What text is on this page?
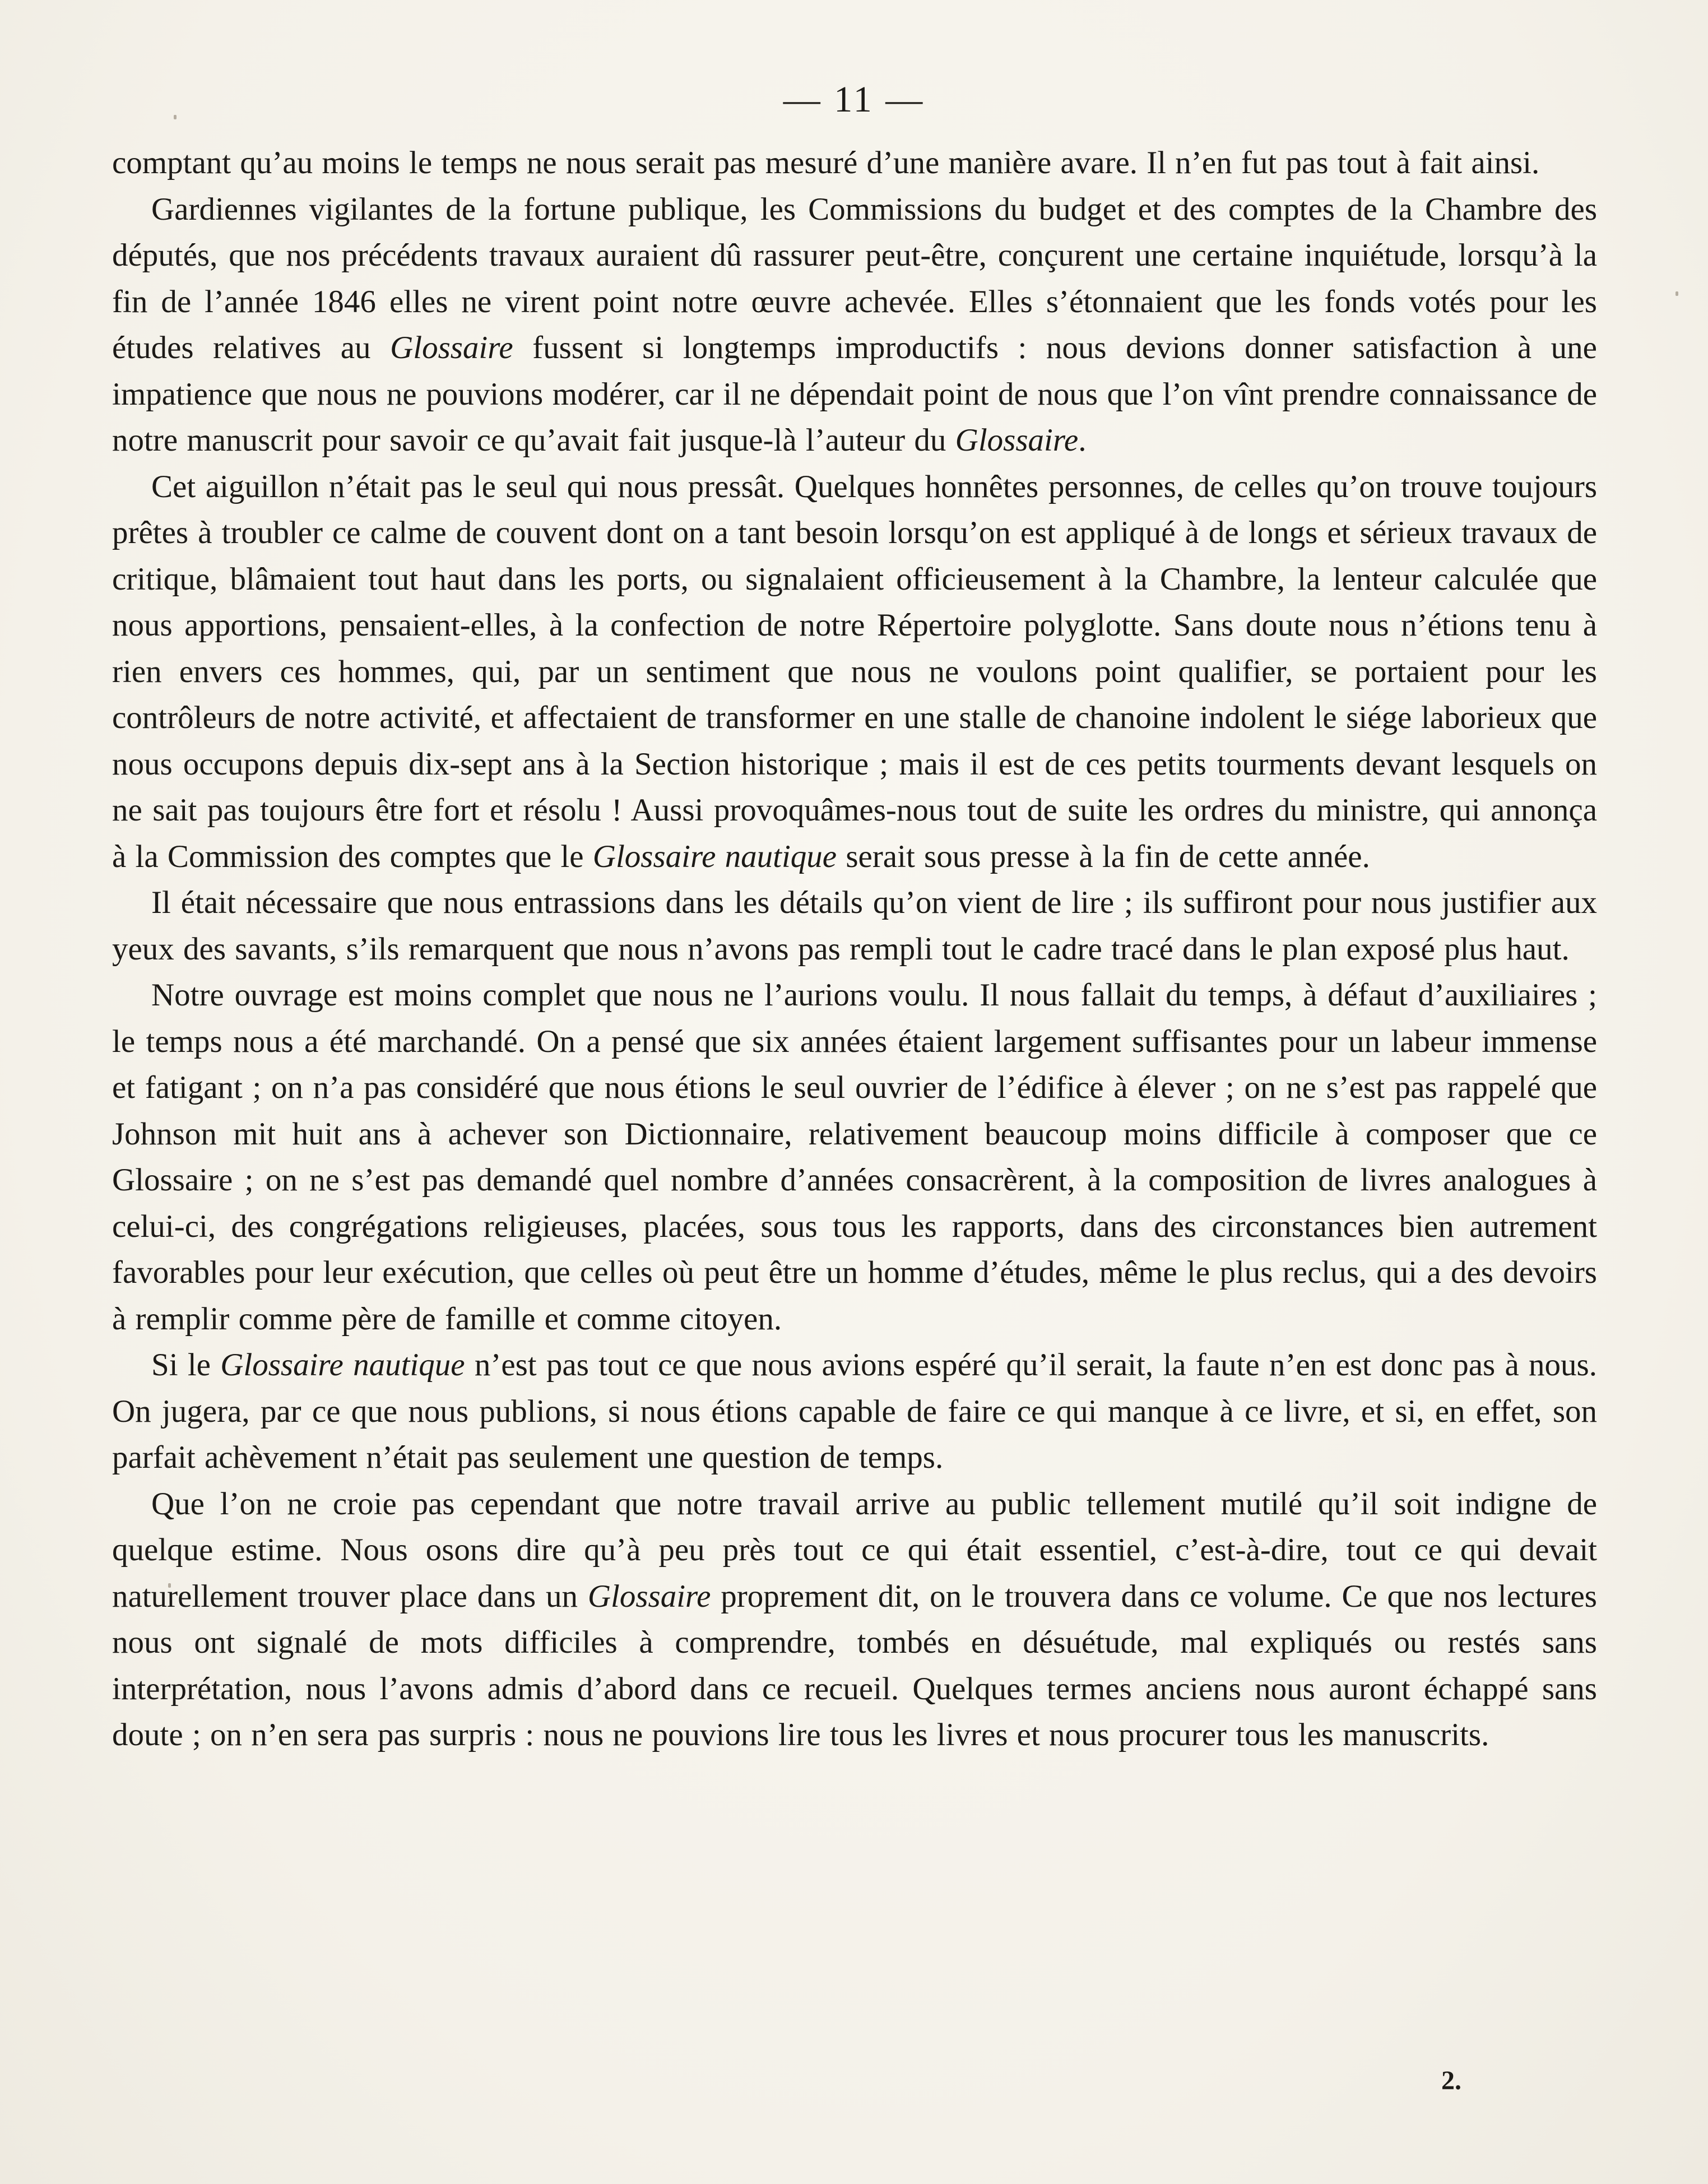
— 11 —

comptant qu’au moins le temps ne nous serait pas mesuré d’une manière avare. Il n’en fut pas tout à fait ainsi.

Gardiennes vigilantes de la fortune publique, les Commissions du budget et des comptes de la Chambre des députés, que nos précédents travaux auraient dû rassurer peut-être, conçurent une certaine inquiétude, lorsqu’à la fin de l’année 1846 elles ne virent point notre œuvre achevée. Elles s’étonnaient que les fonds votés pour les études relatives au Glossaire fussent si longtemps improductifs : nous devions donner satisfaction à une impatience que nous ne pouvions modérer, car il ne dépendait point de nous que l’on vînt prendre connaissance de notre manuscrit pour savoir ce qu’avait fait jusque-là l’auteur du Glossaire.

Cet aiguillon n’était pas le seul qui nous pressât. Quelques honnêtes personnes, de celles qu’on trouve toujours prêtes à troubler ce calme de couvent dont on a tant besoin lorsqu’on est appliqué à de longs et sérieux travaux de critique, blâmaient tout haut dans les ports, ou signalaient officieusement à la Chambre, la lenteur calculée que nous apportions, pensaient-elles, à la confection de notre Répertoire polyglotte. Sans doute nous n’étions tenu à rien envers ces hommes, qui, par un sentiment que nous ne voulons point qualifier, se portaient pour les contrôleurs de notre activité, et affectaient de transformer en une stalle de chanoine indolent le siége laborieux que nous occupons depuis dix-sept ans à la Section historique ; mais il est de ces petits tourments devant lesquels on ne sait pas toujours être fort et résolu ! Aussi provoquâmes-nous tout de suite les ordres du ministre, qui annonça à la Commission des comptes que le Glossaire nautique serait sous presse à la fin de cette année.

Il était nécessaire que nous entrassions dans les détails qu’on vient de lire ; ils suffiront pour nous justifier aux yeux des savants, s’ils remarquent que nous n’avons pas rempli tout le cadre tracé dans le plan exposé plus haut.

Notre ouvrage est moins complet que nous ne l’aurions voulu. Il nous fallait du temps, à défaut d’auxiliaires ; le temps nous a été marchandé. On a pensé que six années étaient largement suffisantes pour un labeur immense et fatigant ; on n’a pas considéré que nous étions le seul ouvrier de l’édifice à élever ; on ne s’est pas rappelé que Johnson mit huit ans à achever son Dictionnaire, relativement beaucoup moins difficile à composer que ce Glossaire ; on ne s’est pas demandé quel nombre d’années consacrèrent, à la composition de livres analogues à celui-ci, des congrégations religieuses, placées, sous tous les rapports, dans des circonstances bien autrement favorables pour leur exécution, que celles où peut être un homme d’études, même le plus reclus, qui a des devoirs à remplir comme père de famille et comme citoyen.

Si le Glossaire nautique n’est pas tout ce que nous avions espéré qu’il serait, la faute n’en est donc pas à nous. On jugera, par ce que nous publions, si nous étions capable de faire ce qui manque à ce livre, et si, en effet, son parfait achèvement n’était pas seulement une question de temps.

Que l’on ne croie pas cependant que notre travail arrive au public tellement mutilé qu’il soit indigne de quelque estime. Nous osons dire qu’à peu près tout ce qui était essentiel, c’est-à-dire, tout ce qui devait naturellement trouver place dans un Glossaire proprement dit, on le trouvera dans ce volume. Ce que nos lectures nous ont signalé de mots difficiles à comprendre, tombés en désuétude, mal expliqués ou restés sans interprétation, nous l’avons admis d’abord dans ce recueil. Quelques termes anciens nous auront échappé sans doute ; on n’en sera pas surpris : nous ne pouvions lire tous les livres et nous procurer tous les manuscrits.

2.
